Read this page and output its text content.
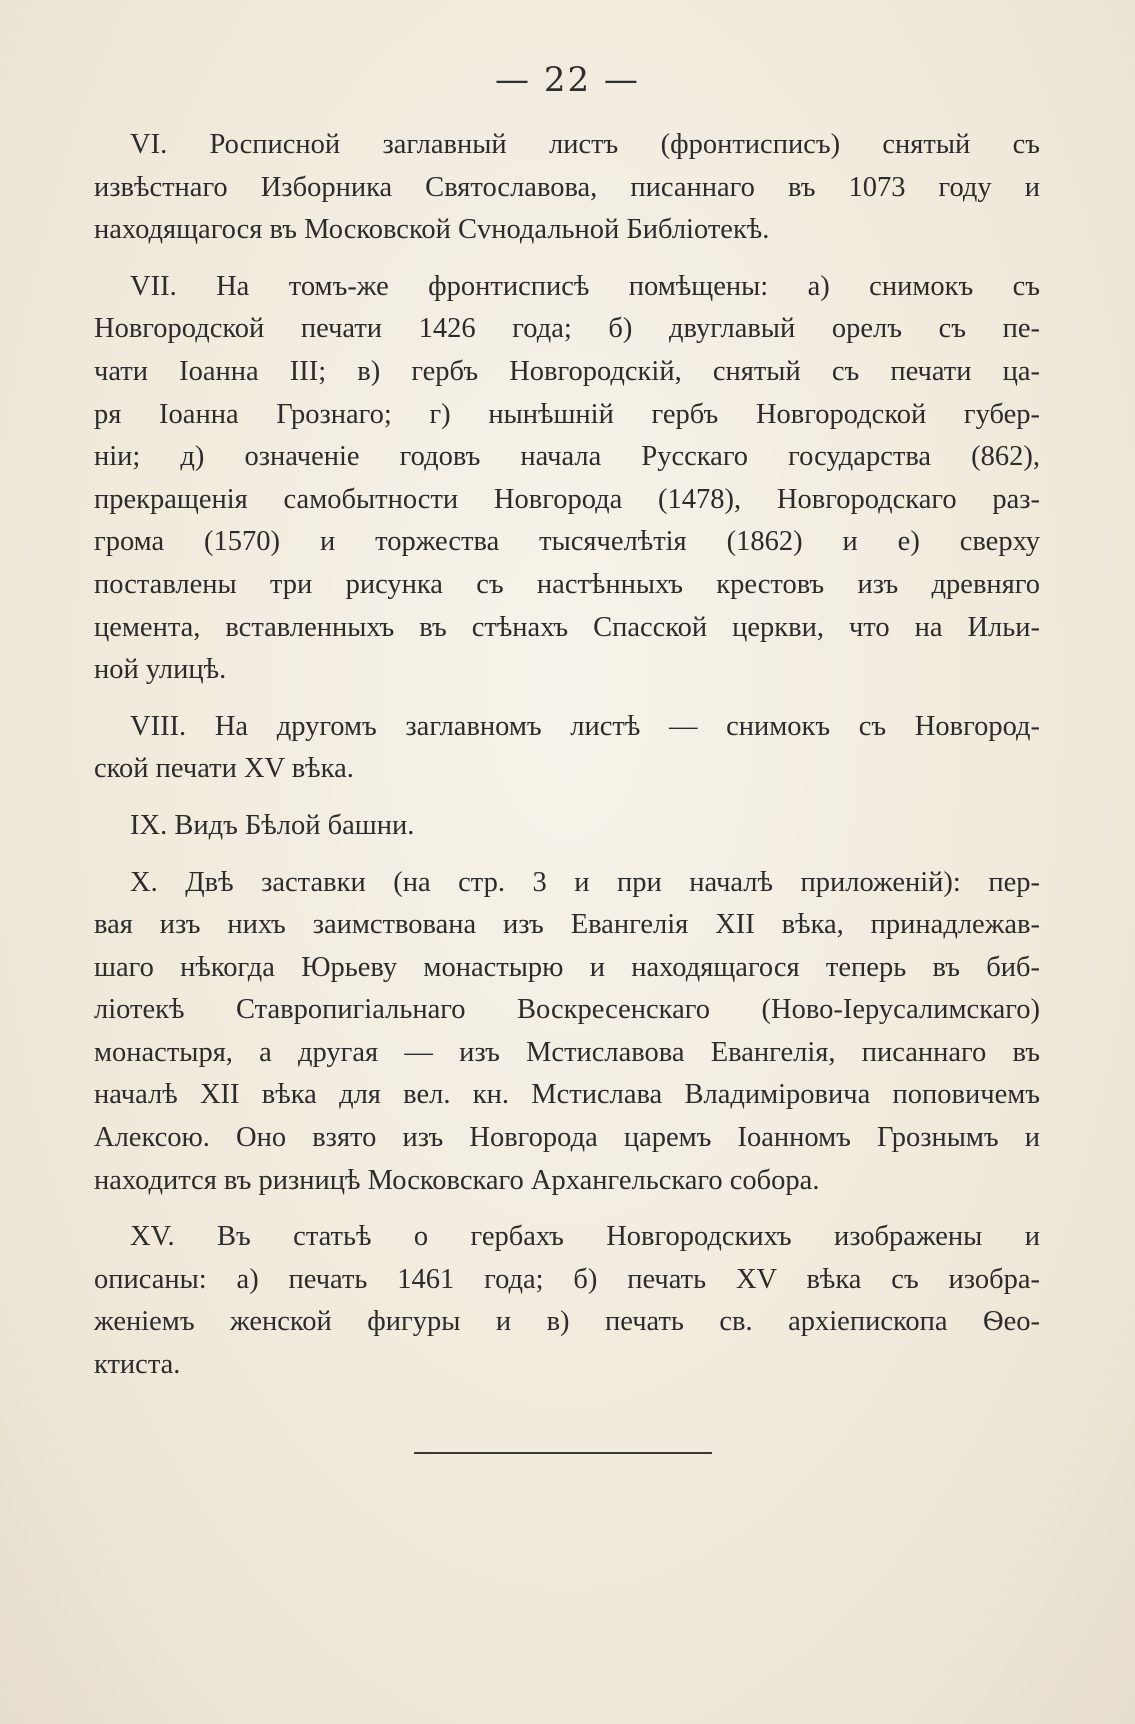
— 22 —
VI. Росписной заглавный листъ (фронтисписъ) снятый съ
извѣстнаго Изборника Святославова, писаннаго въ 1073 году и
находящагося въ Московской Сvнодальной Библіотекѣ.
VII. На томъ-же фронтисписѣ помѣщены: а) снимокъ съ
Новгородской печати 1426 года; б) двуглавый орелъ съ пе-
чати Іоанна III; в) гербъ Новгородскій, снятый съ печати ца-
ря Іоанна Грознаго; г) нынѣшній гербъ Новгородской губер-
ніи; д) означеніе годовъ начала Русскаго государства (862),
прекращенія самобытности Новгорода (1478), Новгородскаго раз-
грома (1570) и торжества тысячелѣтія (1862) и е) сверху
поставлены три рисунка съ настѣнныхъ крестовъ изъ древняго
цемента, вставленныхъ въ стѣнахъ Спасской церкви, что на Ильи-
ной улицѣ.
VIII. На другомъ заглавномъ листѣ — снимокъ съ Новгород-
ской печати XV вѣка.
IX. Видъ Бѣлой башни.
X. Двѣ заставки (на стр. 3 и при началѣ приложеній): пер-
вая изъ нихъ заимствована изъ Евангелія XII вѣка, принадлежав-
шаго нѣкогда Юрьеву монастырю и находящагося теперь въ биб-
ліотекѣ Ставропигіальнаго Воскресенскаго (Ново-Іерусалимскаго)
монастыря, а другая — изъ Мстиславова Евангелія, писаннаго въ
началѣ XII вѣка для вел. кн. Мстислава Владиміровича поповичемъ
Алексою. Оно взято изъ Новгорода царемъ Іоанномъ Грознымъ и
находится въ ризницѣ Московскаго Архангельскаго собора.
XV. Въ статьѣ о гербахъ Новгородскихъ изображены и
описаны: а) печать 1461 года; б) печать XV вѣка съ изобра-
женіемъ женской фигуры и в) печать св. архіепископа Ѳео-
ктиста.
